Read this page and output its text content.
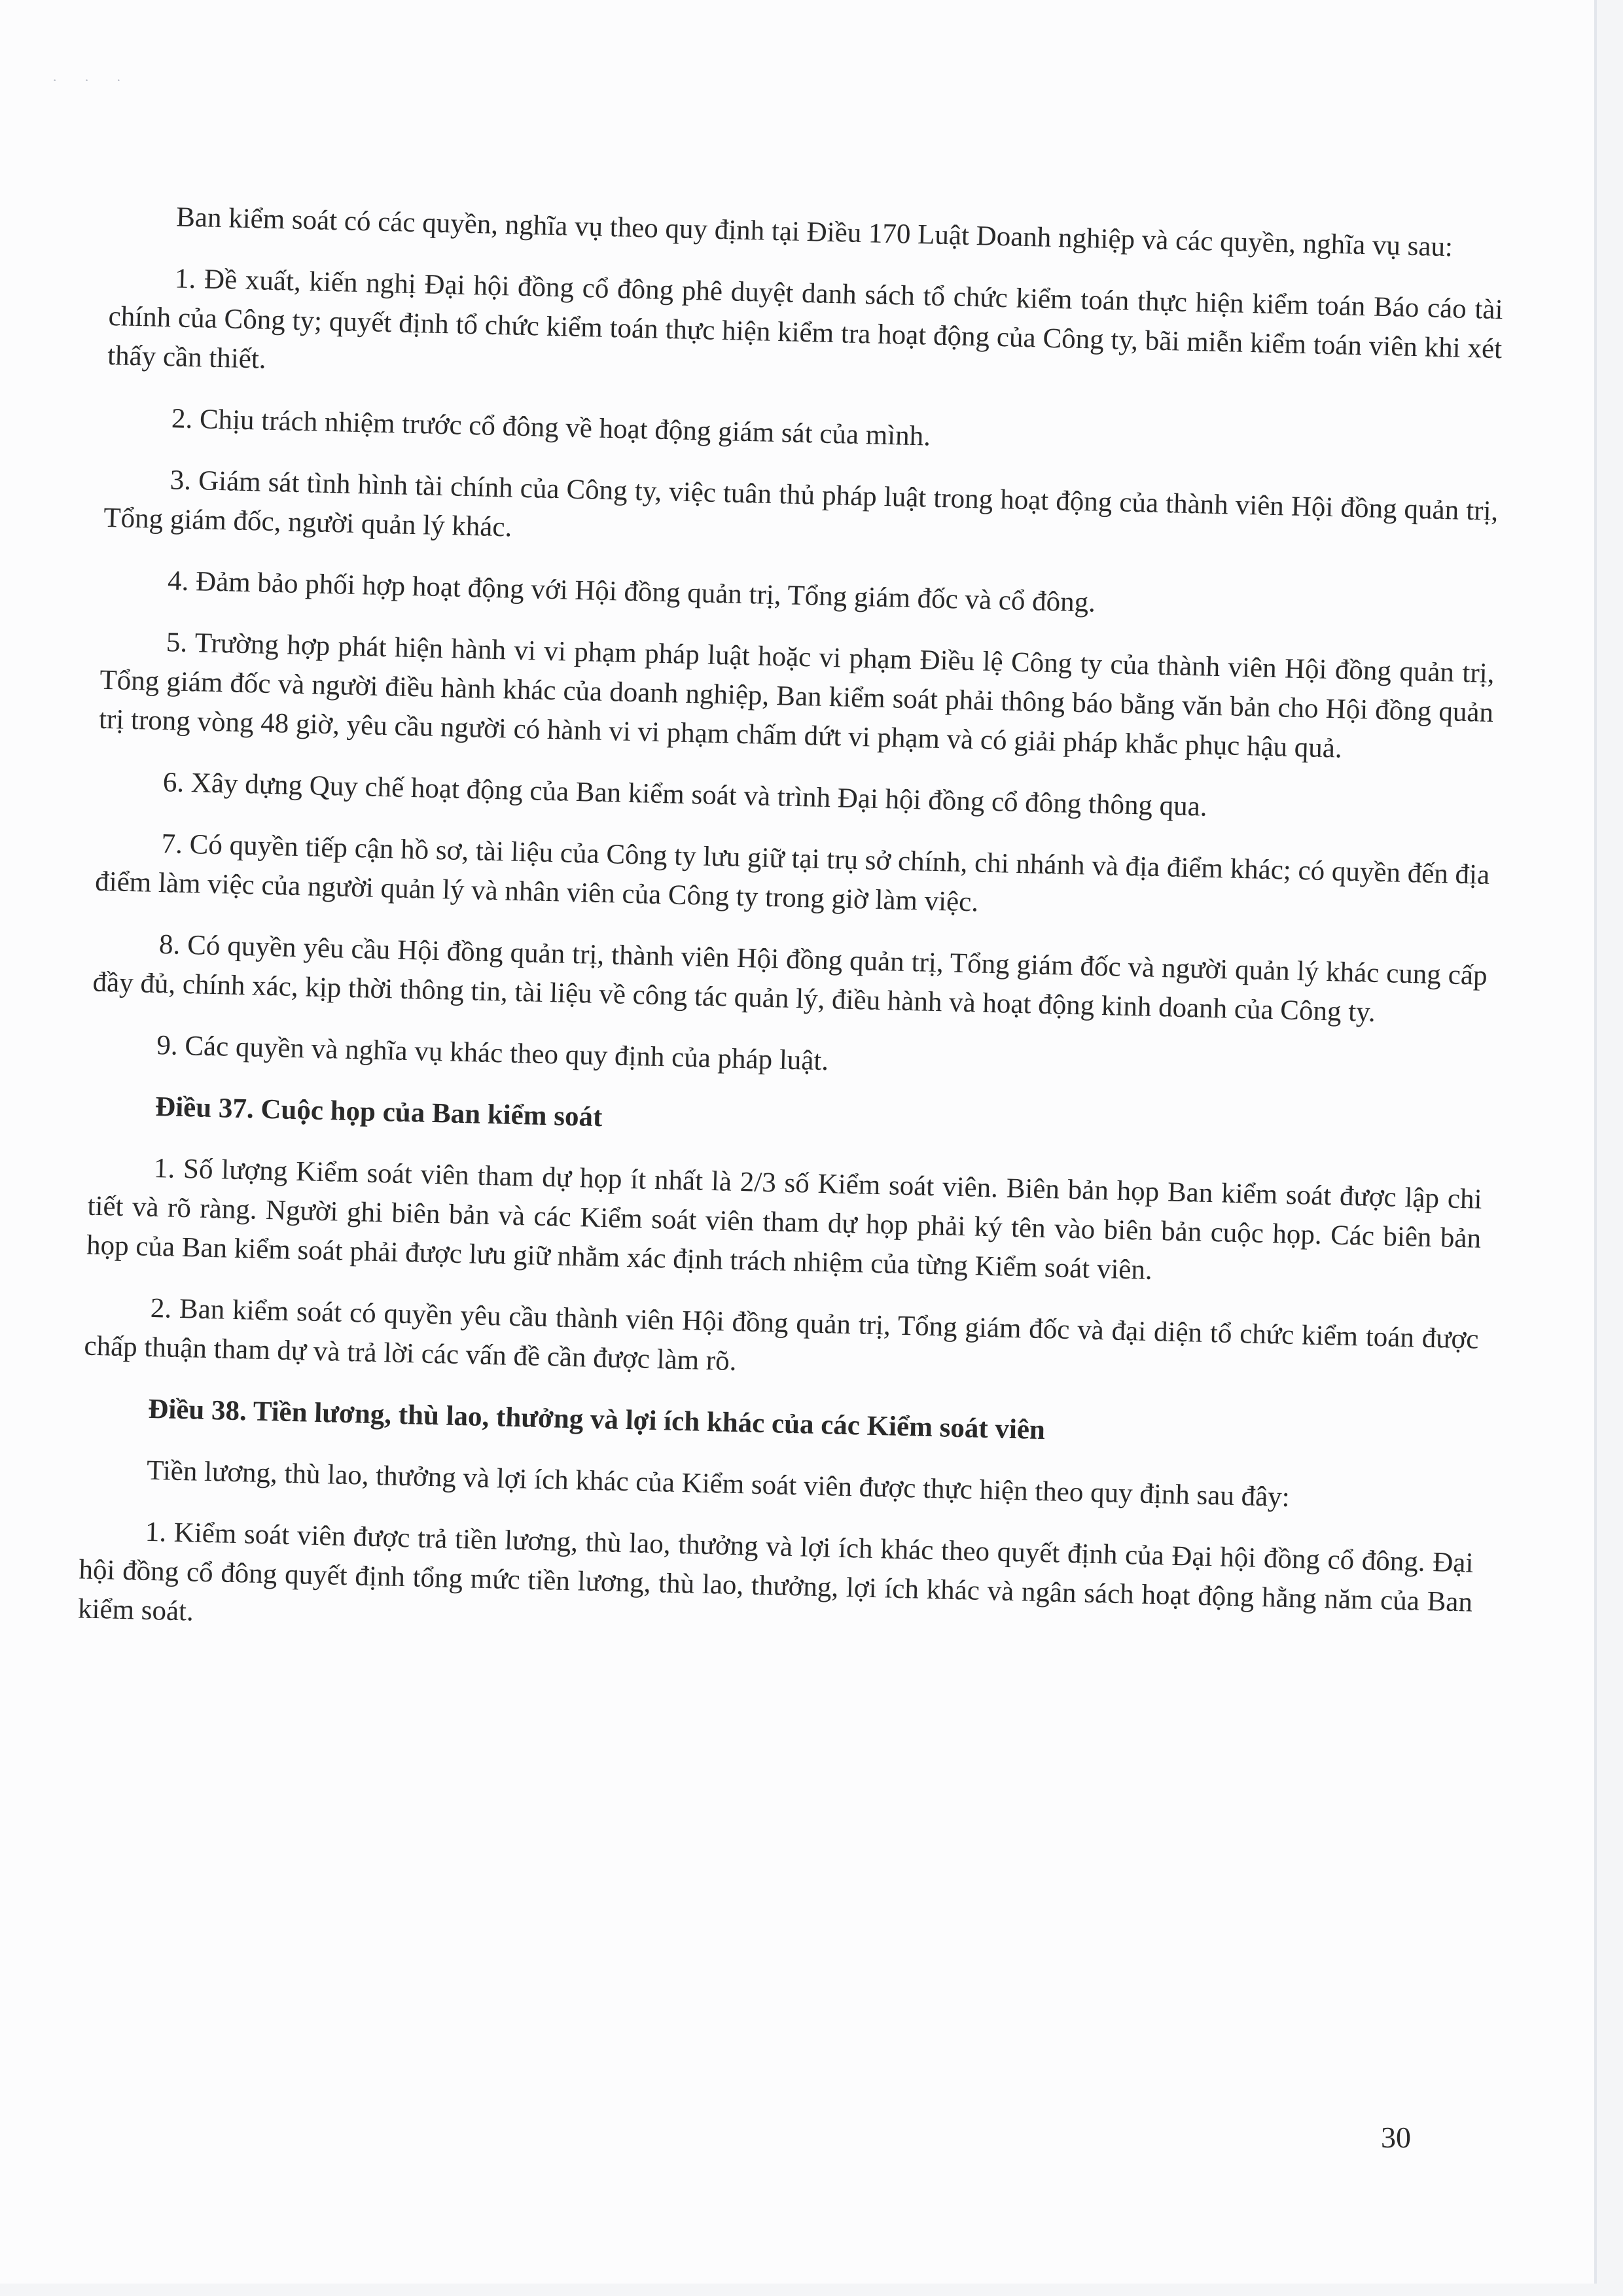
· · ·

Ban kiểm soát có các quyền, nghĩa vụ theo quy định tại Điều 170 Luật Doanh nghiệp và các quyền, nghĩa vụ sau:

1. Đề xuất, kiến nghị Đại hội đồng cổ đông phê duyệt danh sách tổ chức kiểm toán thực hiện kiểm toán Báo cáo tài chính của Công ty; quyết định tổ chức kiểm toán thực hiện kiểm tra hoạt động của Công ty, bãi miễn kiểm toán viên khi xét thấy cần thiết.

2. Chịu trách nhiệm trước cổ đông về hoạt động giám sát của mình.

3. Giám sát tình hình tài chính của Công ty, việc tuân thủ pháp luật trong hoạt động của thành viên Hội đồng quản trị, Tổng giám đốc, người quản lý khác.

4. Đảm bảo phối hợp hoạt động với Hội đồng quản trị, Tổng giám đốc và cổ đông.

5. Trường hợp phát hiện hành vi vi phạm pháp luật hoặc vi phạm Điều lệ Công ty của thành viên Hội đồng quản trị, Tổng giám đốc và người điều hành khác của doanh nghiệp, Ban kiểm soát phải thông báo bằng văn bản cho Hội đồng quản trị trong vòng 48 giờ, yêu cầu người có hành vi vi phạm chấm dứt vi phạm và có giải pháp khắc phục hậu quả.

6. Xây dựng Quy chế hoạt động của Ban kiểm soát và trình Đại hội đồng cổ đông thông qua.

7. Có quyền tiếp cận hồ sơ, tài liệu của Công ty lưu giữ tại trụ sở chính, chi nhánh và địa điểm khác; có quyền đến địa điểm làm việc của người quản lý và nhân viên của Công ty trong giờ làm việc.

8. Có quyền yêu cầu Hội đồng quản trị, thành viên Hội đồng quản trị, Tổng giám đốc và người quản lý khác cung cấp đầy đủ, chính xác, kịp thời thông tin, tài liệu về công tác quản lý, điều hành và hoạt động kinh doanh của Công ty.

9. Các quyền và nghĩa vụ khác theo quy định của pháp luật.

Điều 37. Cuộc họp của Ban kiểm soát

1. Số lượng Kiểm soát viên tham dự họp ít nhất là 2/3 số Kiểm soát viên. Biên bản họp Ban kiểm soát được lập chi tiết và rõ ràng. Người ghi biên bản và các Kiểm soát viên tham dự họp phải ký tên vào biên bản cuộc họp. Các biên bản họp của Ban kiểm soát phải được lưu giữ nhằm xác định trách nhiệm của từng Kiểm soát viên.

2. Ban kiểm soát có quyền yêu cầu thành viên Hội đồng quản trị, Tổng giám đốc và đại diện tổ chức kiểm toán được chấp thuận tham dự và trả lời các vấn đề cần được làm rõ.

Điều 38. Tiền lương, thù lao, thưởng và lợi ích khác của các Kiểm soát viên

Tiền lương, thù lao, thưởng và lợi ích khác của Kiểm soát viên được thực hiện theo quy định sau đây:

1. Kiểm soát viên được trả tiền lương, thù lao, thưởng và lợi ích khác theo quyết định của Đại hội đồng cổ đông. Đại hội đồng cổ đông quyết định tổng mức tiền lương, thù lao, thưởng, lợi ích khác và ngân sách hoạt động hằng năm của Ban kiểm soát.

30
